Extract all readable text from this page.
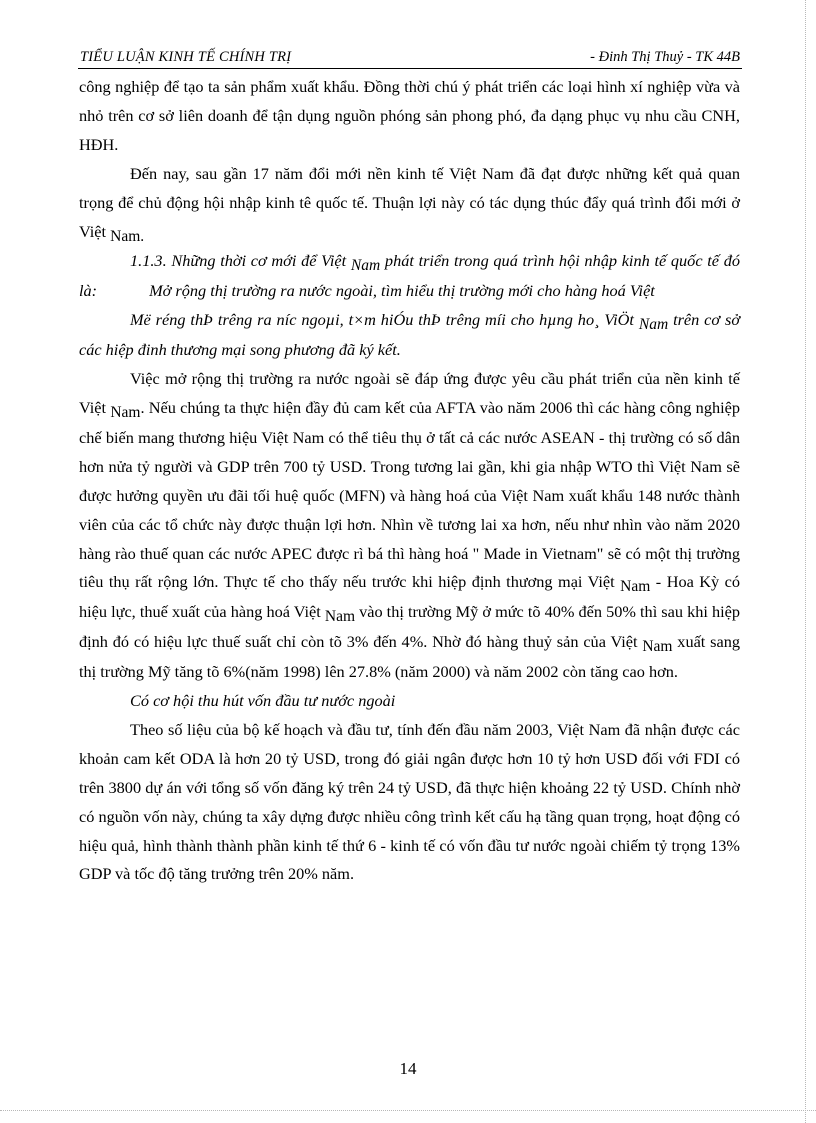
TIỂU LUẬN KINH TẾ CHÍNH TRỊ	- Đinh Thị Thuỷ - TK 44B

công nghiệp để tạo ta sản phẩm xuất khẩu. Đồng thời chú ý phát triển các loại hình xí nghiệp vừa và nhỏ trên cơ sở liên doanh để tận dụng nguồn phóng sản phong phó, đa dạng phục vụ nhu cầu CNH, HĐH.

Đến nay, sau gần 17 năm đổi mới nền kinh tế Việt Nam đã đạt được những kết quả quan trọng để chủ động hội nhập kinh tê quốc tế. Thuận lợi này có tác dụng thúc đẩy quá trình đổi mới ở Việt Nam.

1.1.3. Những thời cơ mới để Việt Nam phát triển trong quá trình hội nhập kinh tế quốc tế đó là:	Mở rộng thị trường ra nước ngoài, tìm hiểu thị trường mới cho hàng hoá Việt

Më réng thÞ trêng ra níc ngoµi, t×m hiÓu thÞ trêng míi cho hµng ho¸ ViÖt Nam trên cơ sở các hiệp đinh thương mại song phương đã ký kết.

Việc mở rộng thị trường ra nước ngoài sẽ đáp ứng được yêu cầu phát triển của nền kinh tế Việt Nam. Nếu chúng ta thực hiện đầy đủ cam kết của AFTA vào năm 2006 thì các hàng công nghiệp chế biến mang thương hiệu Việt Nam có thể tiêu thụ ở tất cả các nước ASEAN - thị trường có số dân hơn nửa tỷ người và GDP trên 700 tỷ USD. Trong tương lai gần, khi gia nhập WTO thì Việt Nam sẽ được hưởng quyền ưu đãi tối huệ quốc (MFN) và hàng hoá của Việt Nam xuất khẩu 148 nước thành viên của các tổ chức này được thuận lợi hơn. Nhìn về tương lai xa hơn, nếu như nhìn vào năm 2020 hàng rào thuế quan các nước APEC được rì bá thì hàng hoá " Made in Vietnam" sẽ có một thị trường tiêu thụ rất rộng lớn. Thực tế cho thấy nếu trước khi hiệp định thương mại Việt Nam - Hoa Kỳ có hiệu lực, thuế xuất của hàng hoá Việt Nam vào thị trường Mỹ ở mức tõ 40% đến 50% thì sau khi hiệp định đó có hiệu lực thuế suất chỉ còn tõ 3% đến 4%. Nhờ đó hàng thuỷ sản của Việt Nam xuất sang thị trường Mỹ tăng tõ 6%(năm 1998) lên 27.8% (năm 2000) và năm 2002 còn tăng cao hơn.

Có cơ hội thu hút vốn đầu tư nước ngoài

Theo số liệu của bộ kế hoạch và đầu tư, tính đến đầu năm 2003, Việt Nam đã nhận được các khoản cam kết ODA là hơn 20 tỷ USD, trong đó giải ngân được hơn 10 tỷ hơn USD đối với FDI có trên 3800 dự án với tổng số vốn đăng ký trên 24 tỷ USD, đã thực hiện khoảng 22 tỷ USD. Chính nhờ có nguồn vốn này, chúng ta xây dựng được nhiều công trình kết cấu hạ tầng quan trọng, hoạt động có hiệu quả, hình thành thành phần kinh tế thứ 6 - kinh tế có vốn đầu tư nước ngoài chiếm tỷ trọng 13% GDP và tốc độ tăng trưởng trên 20% năm.

14
